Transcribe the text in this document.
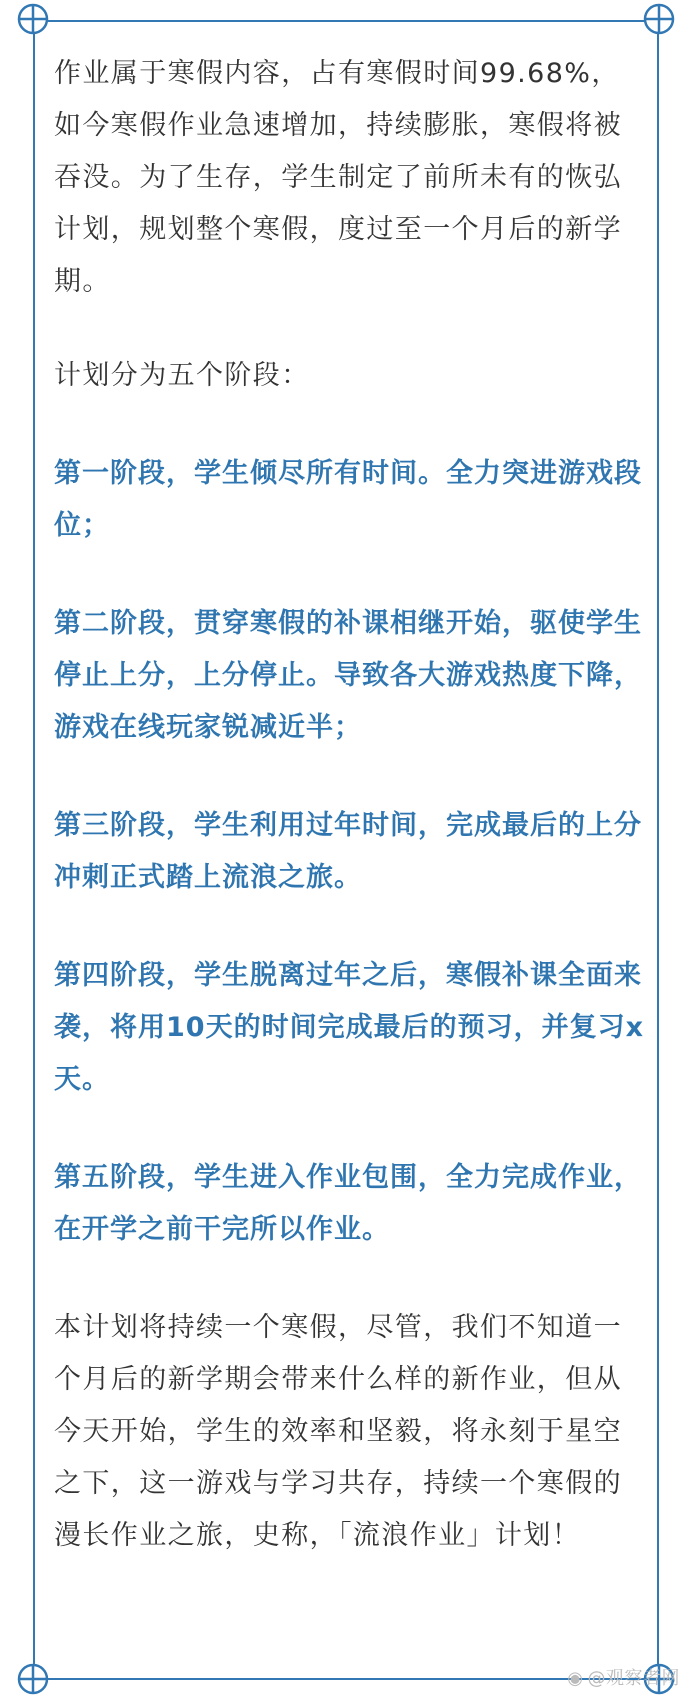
作业属于寒假内容，占有寒假时间99.68%，如今寒假作业急速增加，持续膨胀，寒假将被吞没。为了生存，学生制定了前所未有的恢弘计划，规划整个寒假，度过至一个月后的新学期。

计划分为五个阶段：

第一阶段，学生倾尽所有时间。全力突进游戏段位；

第二阶段，贯穿寒假的补课相继开始，驱使学生停止上分，上分停止。导致各大游戏热度下降，游戏在线玩家锐减近半；

第三阶段，学生利用过年时间，完成最后的上分冲刺正式踏上流浪之旅。

第四阶段，学生脱离过年之后，寒假补课全面来袭，将用10天的时间完成最后的预习，并复习x天。

第五阶段，学生进入作业包围，全力完成作业，在开学之前干完所以作业。

本计划将持续一个寒假，尽管，我们不知道一个月后的新学期会带来什么样的新作业，但从今天开始，学生的效率和坚毅，将永刻于星空之下，这一游戏与学习共存，持续一个寒假的漫长作业之旅，史称，「流浪作业」计划！

◉ @观察者网
